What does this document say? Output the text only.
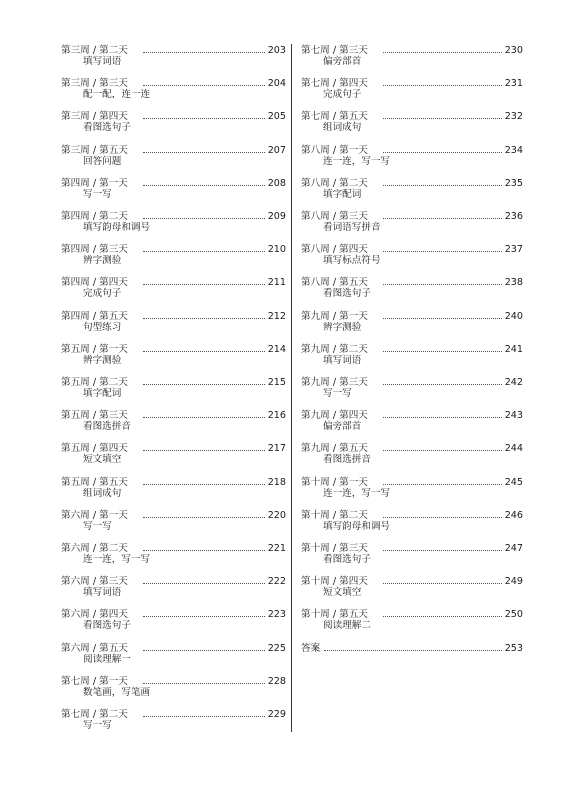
第三周 / 第二天	203
填写词语
第三周 / 第三天	204
配一配，连一连
第三周 / 第四天	205
看图选句子
第三周 / 第五天	207
回答问题
第四周 / 第一天	208
写一写
第四周 / 第二天	209
填写韵母和调号
第四周 / 第三天	210
辨字测验
第四周 / 第四天	211
完成句子
第四周 / 第五天	212
句型练习
第五周 / 第一天	214
辨字测验
第五周 / 第二天	215
填字配词
第五周 / 第三天	216
看图选拼音
第五周 / 第四天	217
短文填空
第五周 / 第五天	218
组词成句
第六周 / 第一天	220
写一写
第六周 / 第二天	221
连一连，写一写
第六周 / 第三天	222
填写词语
第六周 / 第四天	223
看图选句子
第六周 / 第五天	225
阅读理解一
第七周 / 第一天	228
数笔画，写笔画
第七周 / 第二天	229
写一写
第七周 / 第三天	230
偏旁部首
第七周 / 第四天	231
完成句子
第七周 / 第五天	232
组词成句
第八周 / 第一天	234
连一连，写一写
第八周 / 第二天	235
填字配词
第八周 / 第三天	236
看词语写拼音
第八周 / 第四天	237
填写标点符号
第八周 / 第五天	238
看图选句子
第九周 / 第一天	240
辨字测验
第九周 / 第二天	241
填写词语
第九周 / 第三天	242
写一写
第九周 / 第四天	243
偏旁部首
第九周 / 第五天	244
看图选拼音
第十周 / 第一天	245
连一连，写一写
第十周 / 第二天	246
填写韵母和调号
第十周 / 第三天	247
看图选句子
第十周 / 第四天	249
短文填空
第十周 / 第五天	250
阅读理解二
答案	253
